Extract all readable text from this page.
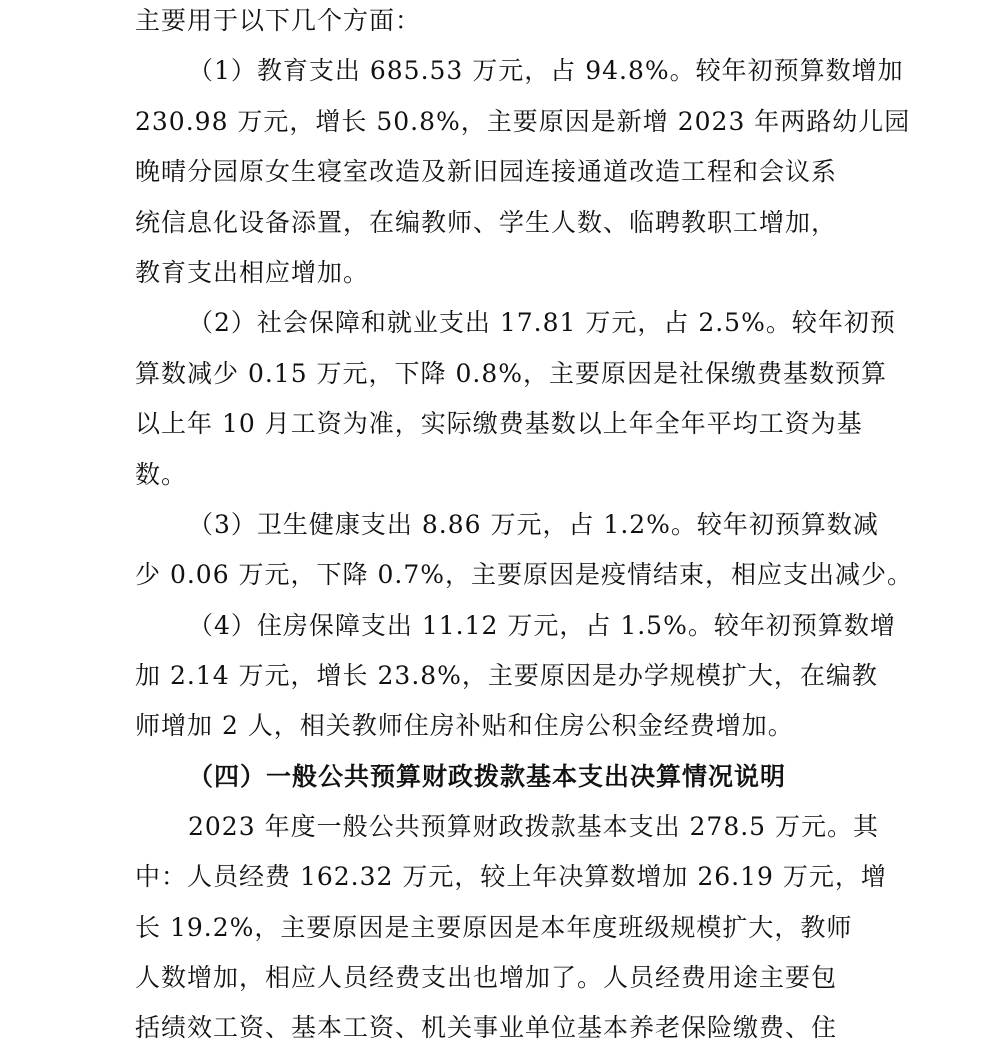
主要用于以下几个方面：
（1）教育支出 685.53 万元，占 94.8%。较年初预算数增加
230.98 万元，增长 50.8%，主要原因是新增 2023 年两路幼儿园
晚晴分园原女生寝室改造及新旧园连接通道改造工程和会议系
统信息化设备添置，在编教师、学生人数、临聘教职工增加，
教育支出相应增加。
（2）社会保障和就业支出 17.81 万元，占 2.5%。较年初预
算数减少 0.15 万元，下降 0.8%，主要原因是社保缴费基数预算
以上年 10 月工资为准，实际缴费基数以上年全年平均工资为基
数。
（3）卫生健康支出 8.86 万元，占 1.2%。较年初预算数减
少 0.06 万元，下降 0.7%，主要原因是疫情结束，相应支出减少。
（4）住房保障支出 11.12 万元，占 1.5%。较年初预算数增
加 2.14 万元，增长 23.8%，主要原因是办学规模扩大，在编教
师增加 2 人，相关教师住房补贴和住房公积金经费增加。
（四）一般公共预算财政拨款基本支出决算情况说明
2023 年度一般公共预算财政拨款基本支出 278.5 万元。其
中：人员经费 162.32 万元，较上年决算数增加 26.19 万元，增
长 19.2%，主要原因是主要原因是本年度班级规模扩大，教师
人数增加，相应人员经费支出也增加了。人员经费用途主要包
括绩效工资、基本工资、机关事业单位基本养老保险缴费、住
